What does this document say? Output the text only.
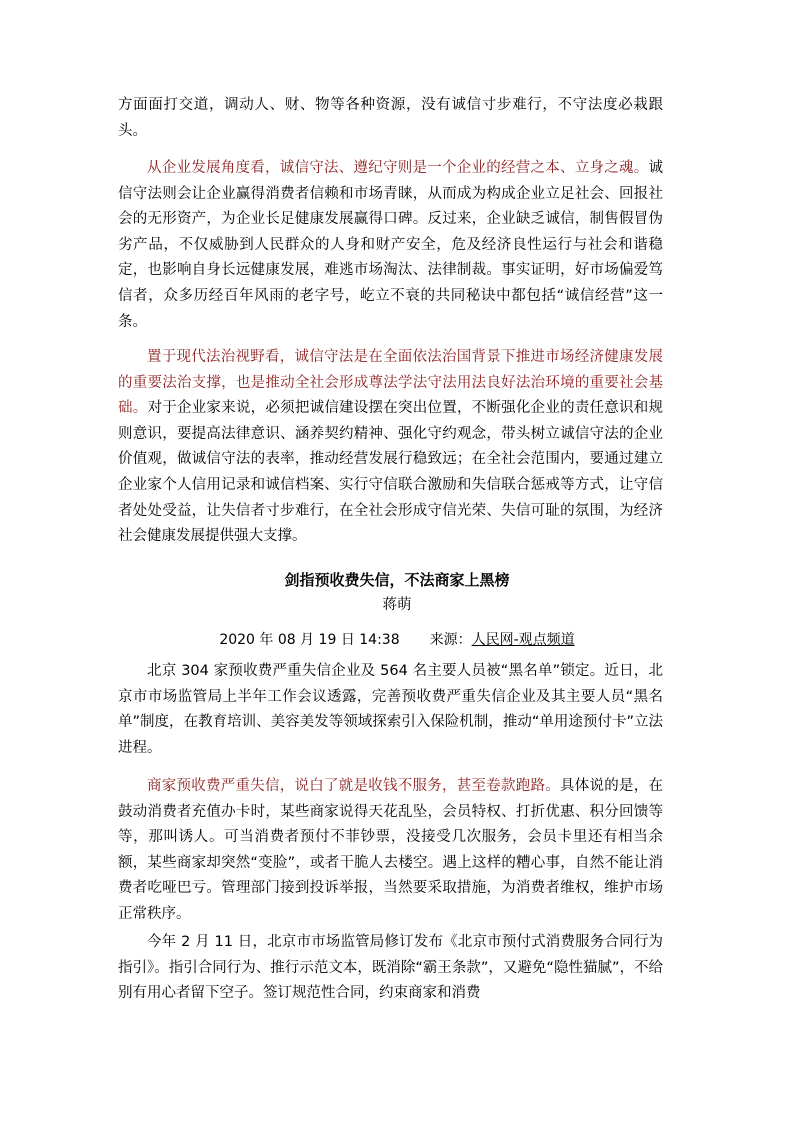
方面面打交道，调动人、财、物等各种资源，没有诚信寸步难行，不守法度必栽跟头。

从企业发展角度看，诚信守法、遵纪守则是一个企业的经营之本、立身之魂。诚信守法则会让企业赢得消费者信赖和市场青睐，从而成为构成企业立足社会、回报社会的无形资产，为企业长足健康发展赢得口碑。反过来，企业缺乏诚信，制售假冒伪劣产品，不仅威胁到人民群众的人身和财产安全，危及经济良性运行与社会和谐稳定，也影响自身长远健康发展，难逃市场淘汰、法律制裁。事实证明，好市场偏爱笃信者，众多历经百年风雨的老字号，屹立不衰的共同秘诀中都包括“诚信经营”这一条。

置于现代法治视野看，诚信守法是在全面依法治国背景下推进市场经济健康发展的重要法治支撑，也是推动全社会形成尊法学法守法用法良好法治环境的重要社会基础。对于企业家来说，必须把诚信建设摆在突出位置，不断强化企业的责任意识和规则意识，要提高法律意识、涵养契约精神、强化守约观念，带头树立诚信守法的企业价值观，做诚信守法的表率，推动经营发展行稳致远；在全社会范围内，要通过建立企业家个人信用记录和诚信档案、实行守信联合激励和失信联合惩戒等方式，让守信者处处受益，让失信者寸步难行，在全社会形成守信光荣、失信可耻的氛围，为经济社会健康发展提供强大支撑。

剑指预收费失信，不法商家上黑榜
蒋萌
2020 年 08 月 19 日 14:38 来源：人民网-观点频道

北京 304 家预收费严重失信企业及 564 名主要人员被“黑名单”锁定。近日，北京市市场监管局上半年工作会议透露，完善预收费严重失信企业及其主要人员“黑名单”制度，在教育培训、美容美发等领域探索引入保险机制，推动“单用途预付卡”立法进程。

商家预收费严重失信，说白了就是收钱不服务，甚至卷款跑路。具体说的是，在鼓动消费者充值办卡时，某些商家说得天花乱坠，会员特权、打折优惠、积分回馈等等，那叫诱人。可当消费者预付不菲钞票，没接受几次服务，会员卡里还有相当余额，某些商家却突然“变脸”，或者干脆人去楼空。遇上这样的糟心事，自然不能让消费者吃哑巴亏。管理部门接到投诉举报，当然要采取措施，为消费者维权，维护市场正常秩序。

今年 2 月 11 日，北京市市场监管局修订发布《北京市预付式消费服务合同行为指引》。指引合同行为、推行示范文本，既消除“霸王条款”，又避免“隐性猫腻”，不给别有用心者留下空子。签订规范性合同，约束商家和消费
